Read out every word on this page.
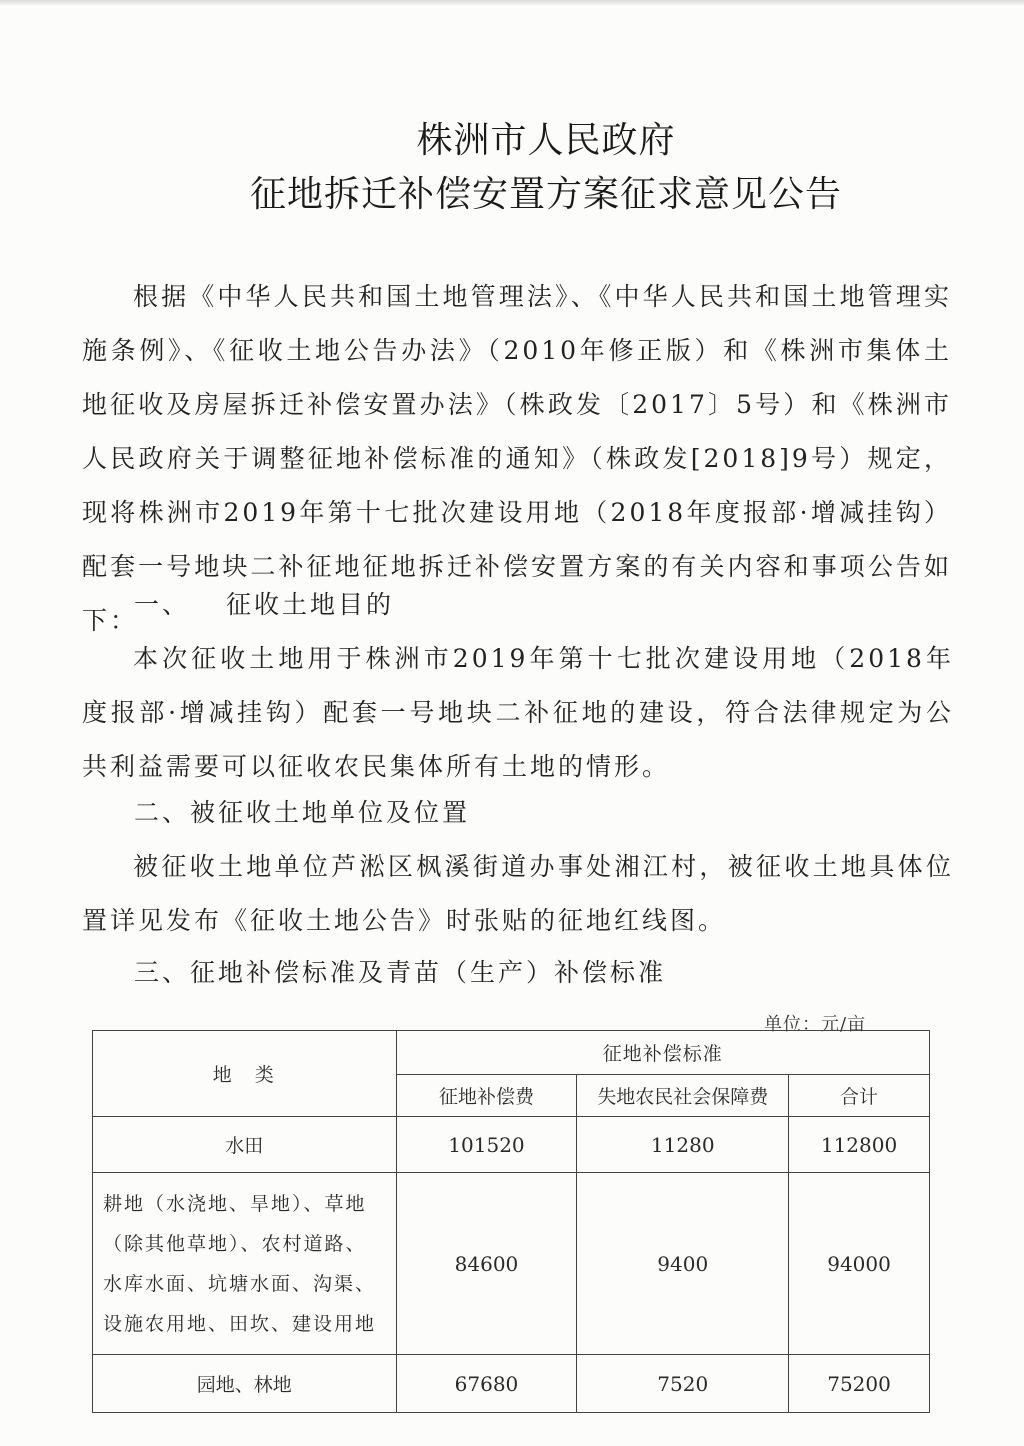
株洲市人民政府
征地拆迁补偿安置方案征求意见公告
根据《中华人民共和国土地管理法》、《中华人民共和国土地管理实施条例》、《征收土地公告办法》（2010年修正版）和《株洲市集体土地征收及房屋拆迁补偿安置办法》（株政发〔2017〕5号）和《株洲市人民政府关于调整征地补偿标准的通知》（株政发[2018]9号）规定，现将株洲市2019年第十七批次建设用地（2018年度报部·增减挂钩）配套一号地块二补征地征地拆迁补偿安置方案的有关内容和事项公告如下：
一、 征收土地目的
本次征收土地用于株洲市2019年第十七批次建设用地（2018年度报部·增减挂钩）配套一号地块二补征地的建设，符合法律规定为公共利益需要可以征收农民集体所有土地的情形。
二、被征收土地单位及位置
被征收土地单位芦淞区枫溪街道办事处湘江村，被征收土地具体位置详见发布《征收土地公告》时张贴的征地红线图。
三、征地补偿标准及青苗（生产）补偿标准
单位：元/亩
地　类	征地补偿标准		
	征地补偿费	失地农民社会保障费	合计
水田	101520	11280	112800
耕地（水浇地、旱地）、草地（除其他草地）、农村道路、水库水面、坑塘水面、沟渠、设施农用地、田坎、建设用地	84600	9400	94000
园地、林地	67680	7520	75200
